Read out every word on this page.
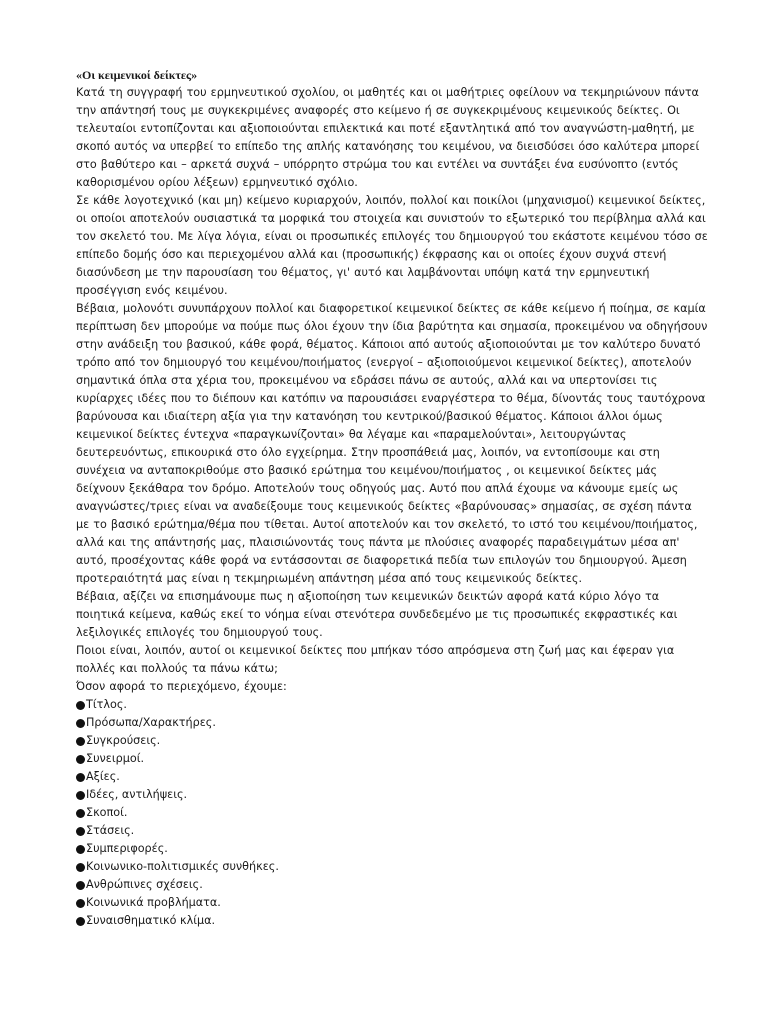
«Οι κειμενικοί δείκτες»

Κατά τη συγγραφή του ερμηνευτικού σχολίου, οι μαθητές και οι μαθήτριες οφείλουν να τεκμηριώνουν πάντα την απάντησή τους με συγκεκριμένες αναφορές στο κείμενο ή σε συγκεκριμένους κειμενικούς δείκτες. Οι τελευταίοι εντοπίζονται και αξιοποιούνται επιλεκτικά και ποτέ εξαντλητικά από τον αναγνώστη-μαθητή, με σκοπό αυτός να υπερβεί το επίπεδο της απλής κατανόησης του κειμένου, να διεισδύσει όσο καλύτερα μπορεί στο βαθύτερο και – αρκετά συχνά – υπόρρητο στρώμα του και εντέλει να συντάξει ένα ευσύνοπτο (εντός καθορισμένου ορίου λέξεων) ερμηνευτικό σχόλιο.

Σε κάθε λογοτεχνικό (και μη) κείμενο κυριαρχούν, λοιπόν, πολλοί και ποικίλοι (μηχανισμοί) κειμενικοί δείκτες, οι οποίοι αποτελούν ουσιαστικά τα μορφικά του στοιχεία και συνιστούν το εξωτερικό του περίβλημα αλλά και τον σκελετό του. Με λίγα λόγια, είναι οι προσωπικές επιλογές του δημιουργού του εκάστοτε κειμένου τόσο σε επίπεδο δομής όσο και περιεχομένου αλλά και (προσωπικής) έκφρασης και οι οποίες έχουν συχνά στενή διασύνδεση με την παρουσίαση του θέματος, γι' αυτό και λαμβάνονται υπόψη κατά την ερμηνευτική προσέγγιση ενός κειμένου.

Βέβαια, μολονότι συνυπάρχουν πολλοί και διαφορετικοί κειμενικοί δείκτες σε κάθε κείμενο ή ποίημα, σε καμία περίπτωση δεν μπορούμε να πούμε πως όλοι έχουν την ίδια βαρύτητα και σημασία, προκειμένου να οδηγήσουν στην ανάδειξη του βασικού, κάθε φορά, θέματος. Κάποιοι από αυτούς αξιοποιούνται με τον καλύτερο δυνατό τρόπο από τον δημιουργό του κειμένου/ποιήματος (ενεργοί – αξιοποιούμενοι κειμενικοί δείκτες), αποτελούν σημαντικά όπλα στα χέρια του, προκειμένου να εδράσει πάνω σε αυτούς, αλλά και να υπερτονίσει τις κυρίαρχες ιδέες που το διέπουν και κατόπιν να παρουσιάσει εναργέστερα το θέμα, δίνοντάς τους ταυτόχρονα βαρύνουσα και ιδιαίτερη αξία για την κατανόηση του κεντρικού/βασικού θέματος. Κάποιοι άλλοι όμως κειμενικοί δείκτες έντεχνα «παραγκωνίζονται» θα λέγαμε και «παραμελούνται», λειτουργώντας δευτερευόντως, επικουρικά στο όλο εγχείρημα. Στην προσπάθειά μας, λοιπόν, να εντοπίσουμε και στη συνέχεια να ανταποκριθούμε στο βασικό ερώτημα του κειμένου/ποιήματος , οι κειμενικοί δείκτες μάς δείχνουν ξεκάθαρα τον δρόμο. Αποτελούν τους οδηγούς μας. Αυτό που απλά έχουμε να κάνουμε εμείς ως αναγνώστες/τριες είναι να αναδείξουμε τους κειμενικούς δείκτες «βαρύνουσας» σημασίας, σε σχέση πάντα με το βασικό ερώτημα/θέμα που τίθεται. Αυτοί αποτελούν και τον σκελετό, το ιστό του κειμένου/ποιήματος, αλλά και της απάντησής μας, πλαισιώνοντάς τους πάντα με πλούσιες αναφορές παραδειγμάτων μέσα απ' αυτό, προσέχοντας κάθε φορά να εντάσσονται σε διαφορετικά πεδία των επιλογών του δημιουργού. Άμεση προτεραιότητά μας είναι η τεκμηριωμένη απάντηση μέσα από τους κειμενικούς δείκτες.

Βέβαια, αξίζει να επισημάνουμε πως η αξιοποίηση των κειμενικών δεικτών αφορά κατά κύριο λόγο τα ποιητικά κείμενα, καθώς εκεί το νόημα είναι στενότερα συνδεδεμένο με τις προσωπικές εκφραστικές και λεξιλογικές επιλογές του δημιουργού τους.

Ποιοι είναι, λοιπόν, αυτοί οι κειμενικοί δείκτες που μπήκαν τόσο απρόσμενα στη ζωή μας και έφεραν για πολλές και πολλούς τα πάνω κάτω;

Όσον αφορά το περιεχόμενο, έχουμε:

Τίτλος.
Πρόσωπα/Χαρακτήρες.
Συγκρούσεις.
Συνειρμοί.
Αξίες.
Ιδέες, αντιλήψεις.
Σκοποί.
Στάσεις.
Συμπεριφορές.
Κοινωνικο-πολιτισμικές συνθήκες.
Ανθρώπινες σχέσεις.
Κοινωνικά προβλήματα.
Συναισθηματικό κλίμα.
